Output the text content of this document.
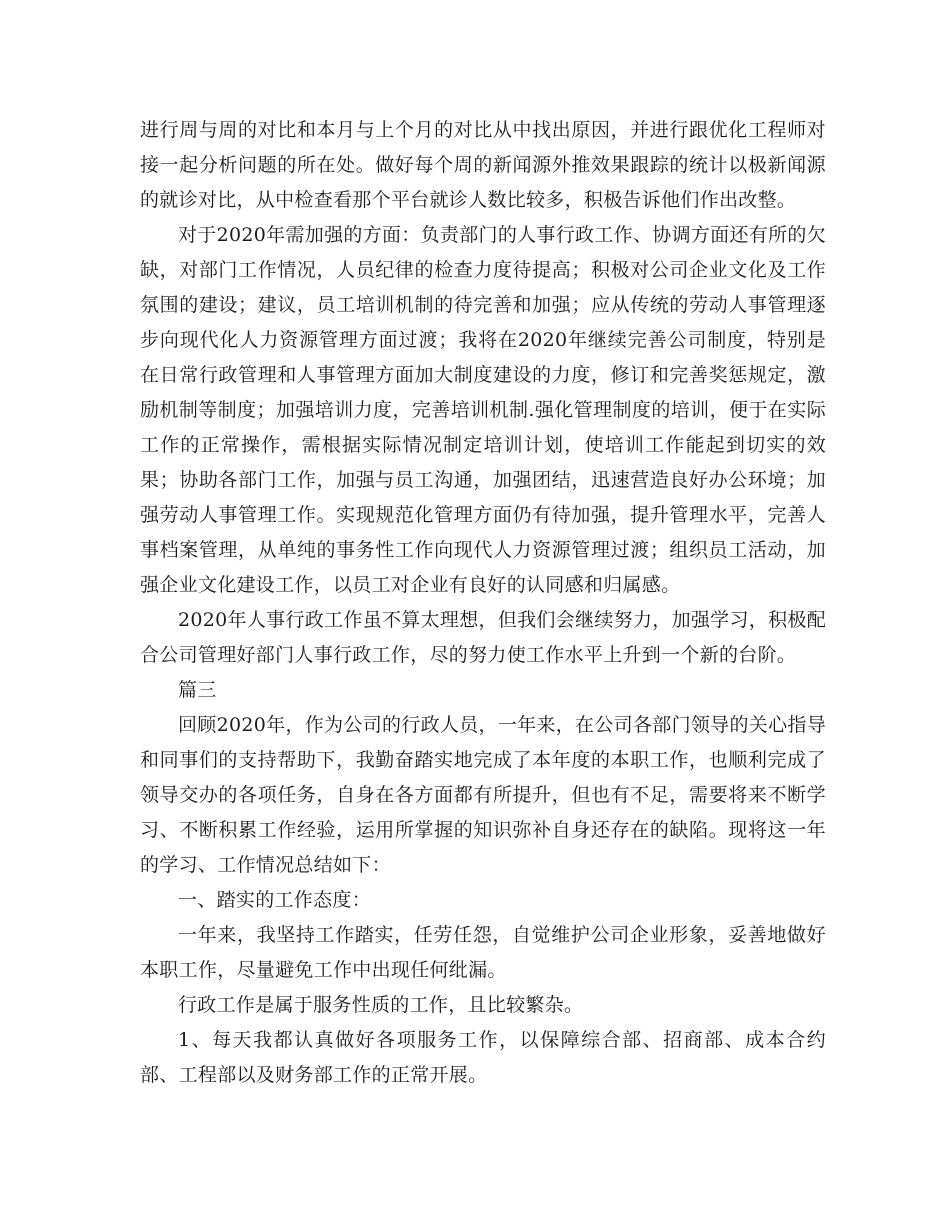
进行周与周的对比和本月与上个月的对比从中找出原因，并进行跟优化工程师对接一起分析问题的所在处。做好每个周的新闻源外推效果跟踪的统计以极新闻源的就诊对比，从中检查看那个平台就诊人数比较多，积极告诉他们作出改整。

对于2020年需加强的方面：负责部门的人事行政工作、协调方面还有所的欠缺，对部门工作情况，人员纪律的检查力度待提高；积极对公司企业文化及工作氛围的建设；建议，员工培训机制的待完善和加强；应从传统的劳动人事管理逐步向现代化人力资源管理方面过渡；我将在2020年继续完善公司制度，特别是在日常行政管理和人事管理方面加大制度建设的力度，修订和完善奖惩规定，激励机制等制度；加强培训力度，完善培训机制.强化管理制度的培训，便于在实际工作的正常操作，需根据实际情况制定培训计划，使培训工作能起到切实的效果；协助各部门工作，加强与员工沟通，加强团结，迅速营造良好办公环境；加强劳动人事管理工作。实现规范化管理方面仍有待加强，提升管理水平，完善人事档案管理，从单纯的事务性工作向现代人力资源管理过渡；组织员工活动，加强企业文化建设工作，以员工对企业有良好的认同感和归属感。

2020年人事行政工作虽不算太理想，但我们会继续努力，加强学习，积极配合公司管理好部门人事行政工作，尽的努力使工作水平上升到一个新的台阶。

篇三

回顾2020年，作为公司的行政人员，一年来，在公司各部门领导的关心指导和同事们的支持帮助下，我勤奋踏实地完成了本年度的本职工作，也顺利完成了领导交办的各项任务，自身在各方面都有所提升，但也有不足，需要将来不断学习、不断积累工作经验，运用所掌握的知识弥补自身还存在的缺陷。现将这一年的学习、工作情况总结如下：

一、踏实的工作态度：

一年来，我坚持工作踏实，任劳任怨，自觉维护公司企业形象，妥善地做好本职工作，尽量避免工作中出现任何纰漏。

行政工作是属于服务性质的工作，且比较繁杂。

1、每天我都认真做好各项服务工作，以保障综合部、招商部、成本合约部、工程部以及财务部工作的正常开展。
